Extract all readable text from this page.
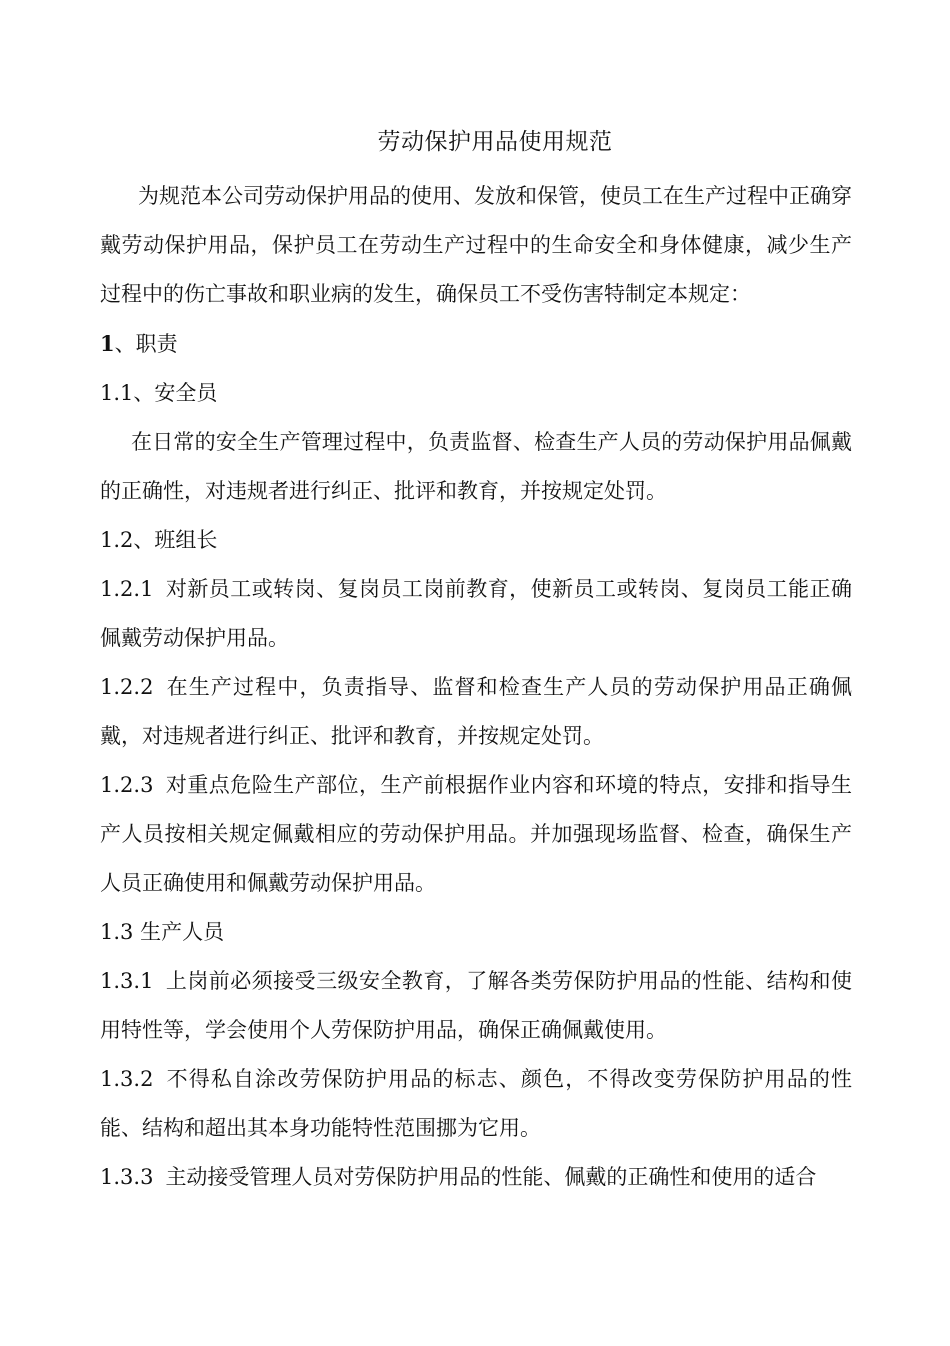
劳动保护用品使用规范

为规范本公司劳动保护用品的使用、发放和保管，使员工在生产过程中正确穿戴劳动保护用品，保护员工在劳动生产过程中的生命安全和身体健康，减少生产过程中的伤亡事故和职业病的发生，确保员工不受伤害特制定本规定：

1、职责

1.1、安全员

在日常的安全生产管理过程中，负责监督、检查生产人员的劳动保护用品佩戴的正确性，对违规者进行纠正、批评和教育，并按规定处罚。

1.2、班组长

1.2.1 对新员工或转岗、复岗员工岗前教育，使新员工或转岗、复岗员工能正确佩戴劳动保护用品。

1.2.2 在生产过程中，负责指导、监督和检查生产人员的劳动保护用品正确佩戴，对违规者进行纠正、批评和教育，并按规定处罚。

1.2.3 对重点危险生产部位，生产前根据作业内容和环境的特点，安排和指导生产人员按相关规定佩戴相应的劳动保护用品。并加强现场监督、检查，确保生产人员正确使用和佩戴劳动保护用品。

1.3 生产人员

1.3.1 上岗前必须接受三级安全教育，了解各类劳保防护用品的性能、结构和使用特性等，学会使用个人劳保防护用品，确保正确佩戴使用。

1.3.2 不得私自涂改劳保防护用品的标志、颜色，不得改变劳保防护用品的性能、结构和超出其本身功能特性范围挪为它用。

1.3.3 主动接受管理人员对劳保防护用品的性能、佩戴的正确性和使用的适合
